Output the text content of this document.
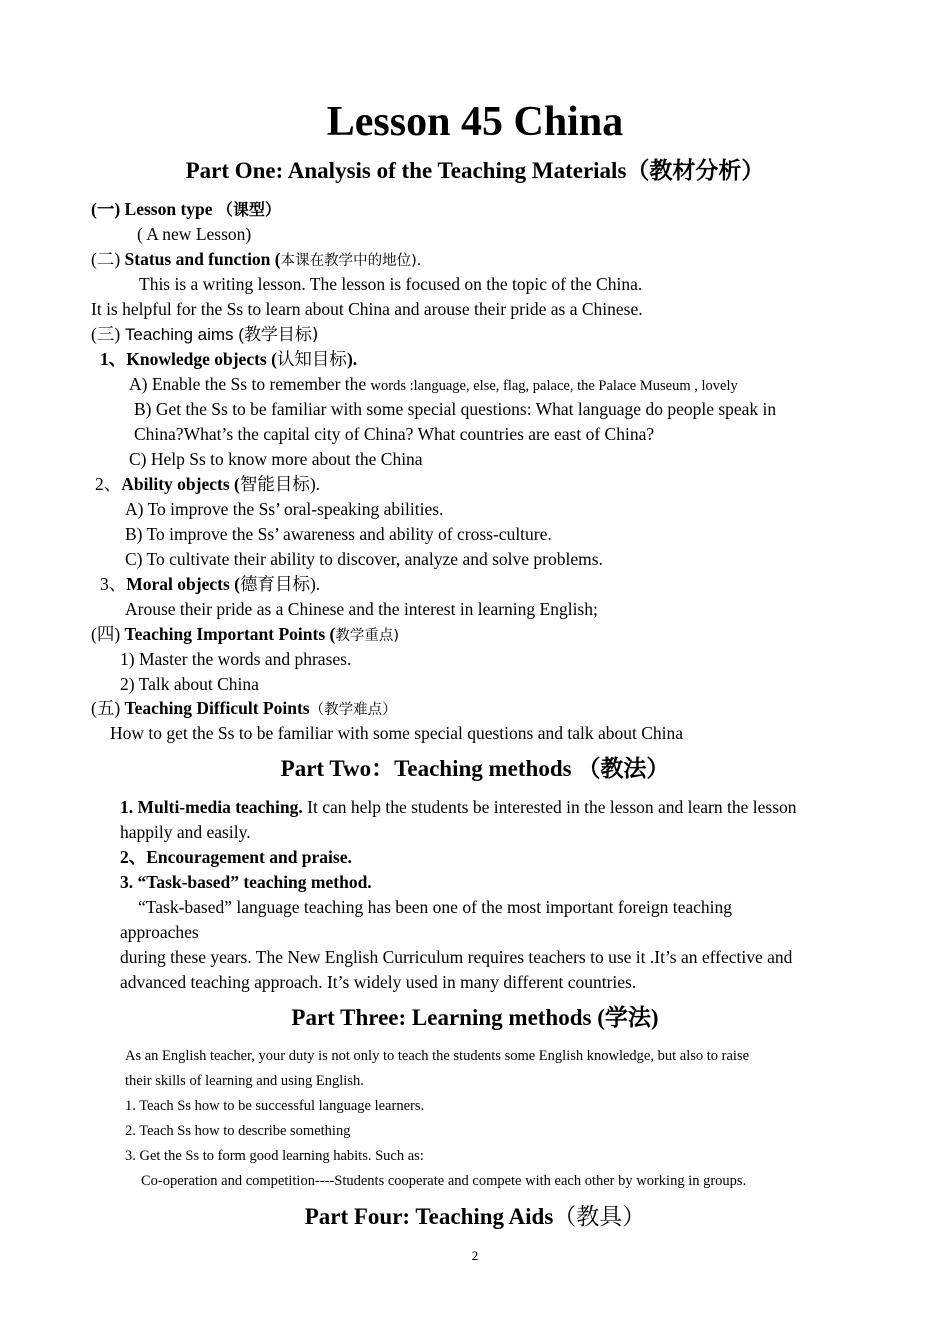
Lesson 45 China
Part One: Analysis of the Teaching Materials（教材分析）
(一) Lesson type （课型）
( A new Lesson)
(二) Status and function (本课在教学中的地位).
This is a writing lesson. The lesson is focused on the topic of the China.
It is helpful for the Ss to learn about China and arouse their pride as a Chinese.
(三) Teaching aims (教学目标)
1、Knowledge objects (认知目标).
A) Enable the Ss to remember the words :language, else, flag, palace, the Palace Museum , lovely
B) Get the Ss to be familiar with some special questions: What language do people speak in
China?What’s the capital city of China? What countries are east of China?
C) Help Ss to know more about the China
2、Ability objects (智能目标).
A) To improve the Ss’ oral-speaking abilities.
B) To improve the Ss’ awareness and ability of cross-culture.
C) To cultivate their ability to discover, analyze and solve problems.
3、Moral objects (德育目标).
Arouse their pride as a Chinese and the interest in learning English;
(四) Teaching Important Points (教学重点)
1) Master the words and phrases.
2) Talk about China
(五) Teaching Difficult Points（教学难点）
How to get the Ss to be familiar with some special questions and talk about China
Part Two：Teaching methods （教法）
1. Multi-media teaching. It can help the students be interested in the lesson and learn the lesson
happily and easily.
2、Encouragement and praise.
3. “Task-based” teaching method.
“Task-based” language teaching has been one of the most important foreign teaching
approaches
during these years. The New English Curriculum requires teachers to use it .It’s an effective and
advanced teaching approach. It’s widely used in many different countries.
Part Three: Learning methods (学法)
As an English teacher, your duty is not only to teach the students some English knowledge, but also to raise
their skills of learning and using English.
1. Teach Ss how to be successful language learners.
2. Teach Ss how to describe something
3. Get the Ss to form good learning habits. Such as:
Co-operation and competition----Students cooperate and compete with each other by working in groups.
Part Four: Teaching Aids（教具）
2
